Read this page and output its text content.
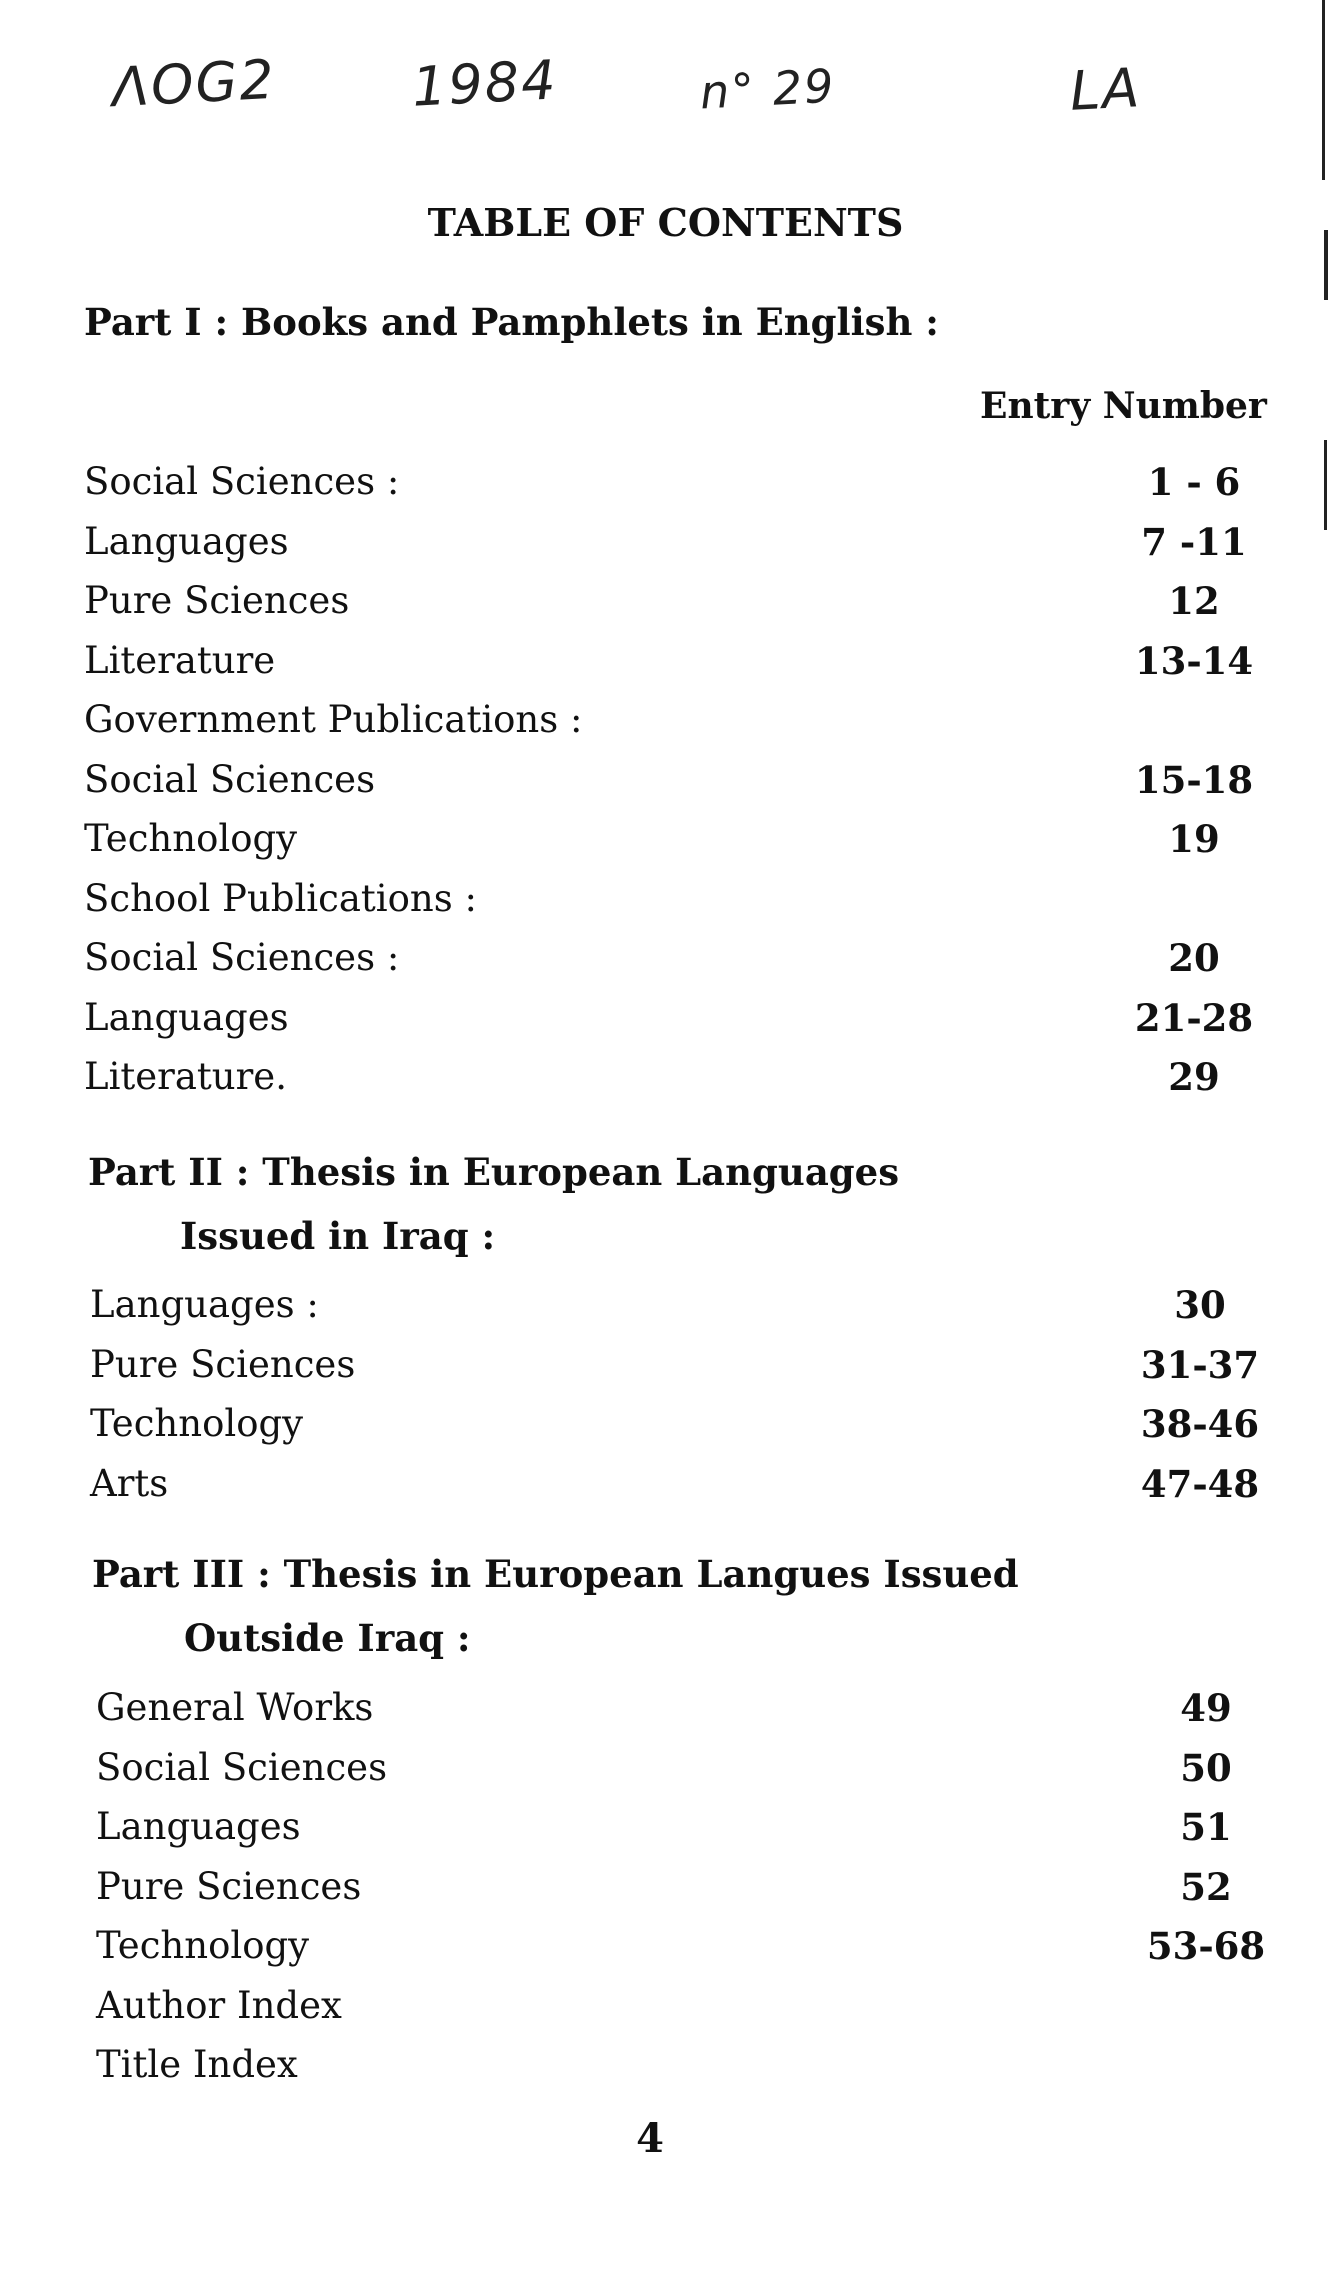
ΛOG2 1984	n° 29	LA
TABLE OF CONTENTS
Part I : Books and Pamphlets in English :
Entry Number
Social Sciences :	1 - 6
Languages	7 -11
Pure Sciences	12
Literature	13-14
Government Publications :
Social Sciences	15-18
Technology	19
School Publications :
Social Sciences :	20
Languages	21-28
Literature.	29
Part II : Thesis in European Languages
Issued in Iraq :
Languages :	30
Pure Sciences	31-37
Technology	38-46
Arts	47-48
Part III : Thesis in European Langues Issued
Outside Iraq :
General Works	49
Social Sciences	50
Languages	51
Pure Sciences	52
Technology	53-68
Author Index
Title Index
4
